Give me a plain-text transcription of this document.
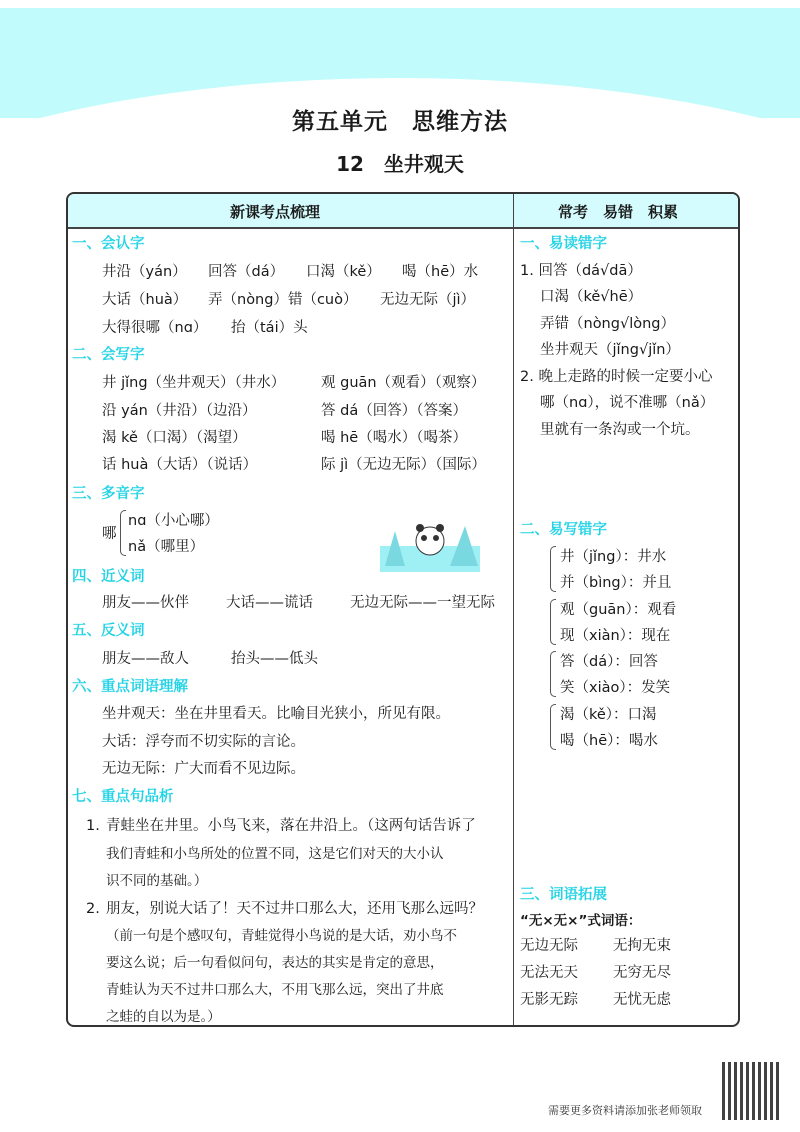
第五单元　思维方法
12　坐井观天
新课考点梳理	常考　易错　积累
一、会认字
井沿（yán） 回答（dá） 口渴（kě） 喝（hē）水
大话（huà） 弄（nòng）错（cuò） 无边无际（jì）
大得很哪（nɑ） 抬（tái）头
二、会写字
井 jǐng（坐井观天）（井水） 观 guān（观看）（观察）
沿 yán（井沿）（边沿）	答 dá（回答）（答案）
渴 kě（口渴）（渴望）	喝 hē（喝水）（喝茶）
话 huà（大话）（说话）	际 jì（无边无际）（国际）
三、多音字
哪
nɑ（小心哪）
nǎ（哪里）
四、近义词
朋友——伙伴	大话——谎话	无边无际——一望无际
五、反义词
朋友——敌人	抬头——低头
六、重点词语理解
坐井观天：坐在井里看天。比喻目光狭小，所见有限。
大话：浮夸而不切实际的言论。
无边无际：广大而看不见边际。
七、重点句品析
1. 青蛙坐在井里。小鸟飞来，落在井沿上。（这两句话告诉了
我们青蛙和小鸟所处的位置不同，这是它们对天的大小认
识不同的基础。）
2. 朋友，别说大话了！天不过井口那么大，还用飞那么远吗？
（前一句是个感叹句，青蛙觉得小鸟说的是大话，劝小鸟不
要这么说；后一句看似问句，表达的其实是肯定的意思，
青蛙认为天不过井口那么大，不用飞那么远，突出了井底
之蛙的自以为是。）
一、易读错字
1. 回答（dá√dā）
口渴（kě√hē）
弄错（nòng√lòng）
坐井观天（jǐng√jǐn）
2. 晚上走路的时候一定要小心
哪（nɑ），说不准哪（nǎ）
里就有一条沟或一个坑。
二、易写错字
井（jǐng）：井水
并（bìng）：并且
观（guān）：观看
现（xiàn）：现在
答（dá）：回答
笑（xiào）：发笑
渴（kě）：口渴
喝（hē）：喝水
三、词语拓展
“无×无×”式词语：
无边无际 无拘无束
无法无天 无穷无尽
无影无踪 无忧无虑
需要更多资料请添加张老师领取
